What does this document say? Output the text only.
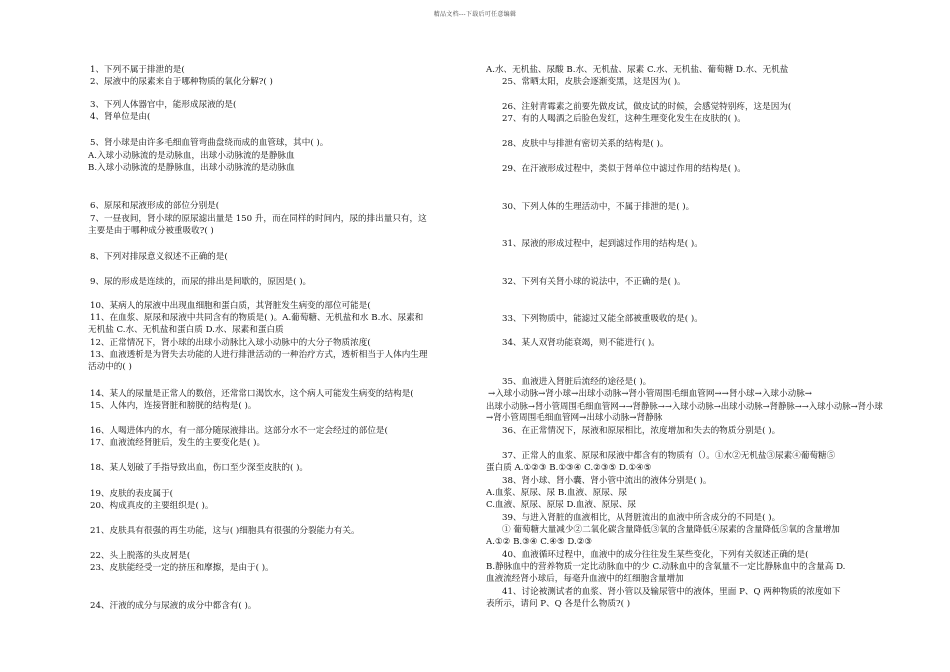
精品文档---下载后可任意编辑
1、下列不属于排泄的是(
2、尿液中的尿素来自于哪种物质的氧化分解?( )
3、下列人体器官中，能形成尿液的是(
4、肾单位是由(
5、肾小球是由许多毛细血管弯曲盘绕而成的血管球，其中( )。
A.入球小动脉流的是动脉血，出球小动脉流的是静脉血
B.入球小动脉流的是静脉血，出球小动脉流的是动脉血
6、原尿和尿液形成的部位分别是(
7、一昼夜间，肾小球的原尿滤出量是 150 升，而在同样的时间内，尿的排出量只有，这
主要是由于哪种成分被重吸收?( )
8、下列对排尿意义叙述不正确的是(
9、尿的形成是连续的，而尿的排出是间歇的，原因是( )。
10、某病人的尿液中出现血细胞和蛋白质，其肾脏发生病变的部位可能是(
11、在血浆、原尿和尿液中共同含有的物质是( )。A.葡萄糖、无机盐和水 B.水、尿素和
无机盐 C.水、无机盐和蛋白质 D.水、尿素和蛋白质
12、正常情况下，肾小球的出球小动脉比入球小动脉中的大分子物质浓度(
13、血液透析是为肾失去功能的人进行排泄活动的一种治疗方式，透析相当于人体内生理
活动中的( )
14、某人的尿量是正常人的数倍，还常常口渴饮水，这个病人可能发生病变的结构是(
15、人体内，连接肾脏和膀胱的结构是( )。
16、人喝进体内的水，有一部分随尿液排出。这部分水不一定会经过的部位是(
17、血液流经肾脏后，发生的主要变化是( )。
18、某人划破了手指导致出血，伤口至少深至皮肤的( )。
19、皮肤的表皮属于(
20、构成真皮的主要组织是( )。
21、皮肤具有很强的再生功能，这与( )细胞具有很强的分裂能力有关。
22、头上脱落的头皮屑是(
23、皮肤能经受一定的挤压和摩擦，是由于( )。
24、汗液的成分与尿液的成分中都含有( )。
A.水、无机盐、尿酸 B.水、无机盐、尿素 C.水、无机盐、葡萄糖 D.水、无机盐
25、常晒太阳，皮肤会逐渐变黑，这是因为( )。
26、注射青霉素之前要先做皮试，做皮试的时候，会感觉特别疼，这是因为(
27、有的人喝酒之后脸色发红，这种生理变化发生在皮肤的( )。
28、皮肤中与排泄有密切关系的结构是( )。
29、在汗液形成过程中，类似于肾单位中滤过作用的结构是( )。
30、下列人体的生理活动中，不属于排泄的是( )。
31、尿液的形成过程中，起到滤过作用的结构是( )。
32、下列有关肾小球的说法中，不正确的是( )。
33、下列物质中，能滤过又能全部被重吸收的是( )。
34、某人双肾功能衰竭，则不能进行( )。
35、血液进入肾脏后流经的途径是( )。
→入球小动脉→肾小球→出球小动脉→肾小管周围毛细血管网→→肾小球→入球小动脉→
出球小动脉→肾小管周围毛细血管网→→肾静脉→→入球小动脉→出球小动脉→肾静脉→→入球小动脉→肾小球
→肾小管周围毛细血管网→出球小动脉→肾静脉
36、在正常情况下，尿液和原尿相比，浓度增加和失去的物质分别是( )。
37、正常人的血浆、原尿和尿液中都含有的物质有（）。①水②无机盐③尿素④葡萄糖⑤
蛋白质 A.①②③ B.①③④ C.②③⑤ D.①④⑤
38、肾小球、肾小囊、肾小管中流出的液体分别是( )。
A.血浆、原尿、尿 B.血液、原尿、尿
C.血液、原尿、原尿 D.血液、原尿、尿
39、与进入肾脏的血液相比，从肾脏流出的血液中所含成分的不同是( )。
① 葡萄糖大量减少②二氧化碳含量降低③氧的含量降低④尿素的含量降低⑤氧的含量增加
A.①② B.③④ C.④⑤ D.②③
40、血液循环过程中，血液中的成分往往发生某些变化，下列有关叙述正确的是(
B.静脉血中的营养物质一定比动脉血中的少 C.动脉血中的含氧量不一定比静脉血中的含量高 D.
血液流经肾小球后，每毫升血液中的红细胞含量增加
41、讨论被测试者的血浆、肾小管以及输尿管中的液体，里面 P、Q 两种物质的浓度如下
表所示，请问 P、Q 各是什么物质?( )
